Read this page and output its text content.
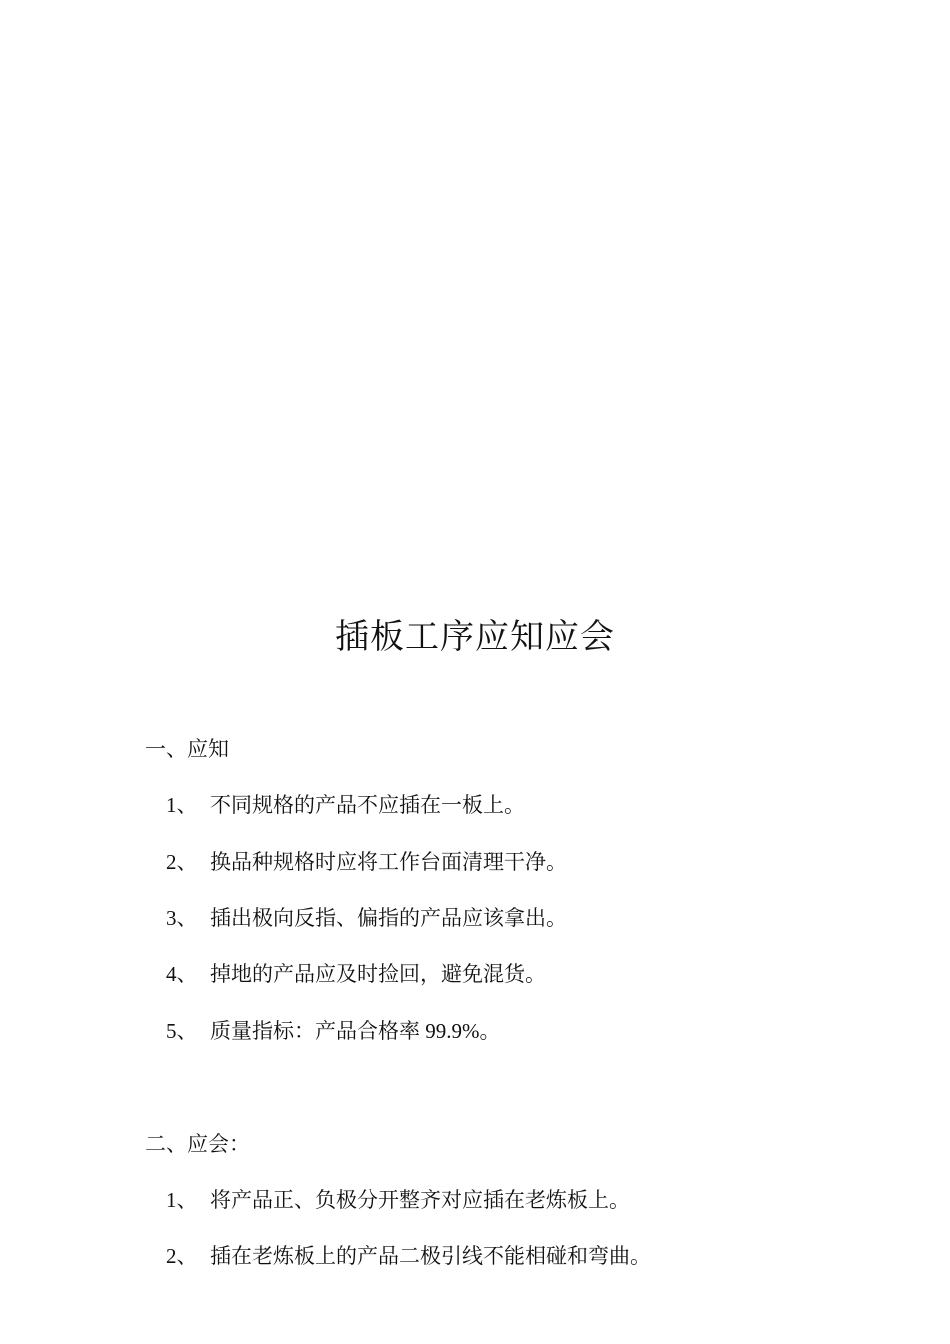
插板工序应知应会
一、应知
1、 不同规格的产品不应插在一板上。
2、 换品种规格时应将工作台面清理干净。
3、 插出极向反指、偏指的产品应该拿出。
4、 掉地的产品应及时捡回，避免混货。
5、 质量指标：产品合格率 99.9%。
二、应会：
1、 将产品正、负极分开整齐对应插在老炼板上。
2、 插在老炼板上的产品二极引线不能相碰和弯曲。
